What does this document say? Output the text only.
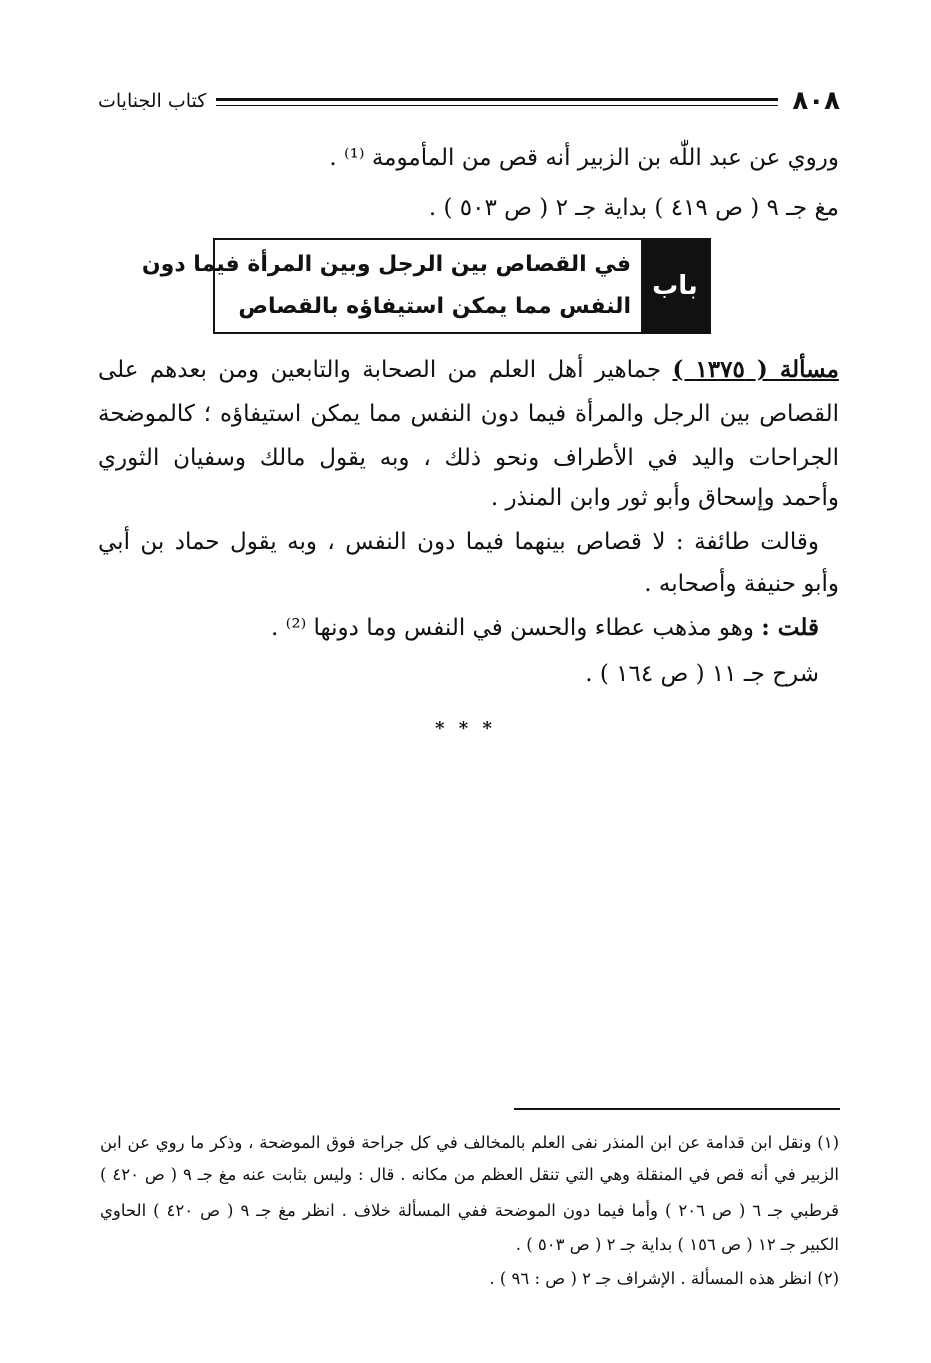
٨٠٨
كتاب الجنايات
وروي عن عبد اللّٰه بن الزبير أنه قص من المأمومة ⁽¹⁾ .
مغ جـ ٩ ( ص ٤١٩ ) بداية جـ ٢ ( ص ٥٠٣ ) .
باب
في القصاص بين الرجل وبين المرأة فيما دون
النفس مما يمكن استيفاؤه بالقصاص
مسألة ( ١٣٧٥ ) جماهير أهل العلم من الصحابة والتابعين ومن بعدهم على
القصاص بين الرجل والمرأة فيما دون النفس مما يمكن استيفاؤه ؛ كالموضحة
الجراحات واليد في الأطراف ونحو ذلك ، وبه يقول مالك وسفيان الثوري
وأحمد وإسحاق وأبو ثور وابن المنذر .
وقالت طائفة : لا قصاص بينهما فيما دون النفس ، وبه يقول حماد بن أبي
وأبو حنيفة وأصحابه .
قلت : وهو مذهب عطاء والحسن في النفس وما دونها ⁽²⁾ .
شرح جـ ١١ ( ص ١٦٤ ) .
* * *
(١) ونقل ابن قدامة عن ابن المنذر نفى العلم بالمخالف في كل جراحة فوق الموضحة ، وذكر ما روي عن ابن
الزبير في أنه قص في المنقلة وهي التي تنقل العظم من مكانه . قال : وليس بثابت عنه مغ جـ ٩ ( ص ٤٢٠ )
قرطبي جـ ٦ ( ص ٢٠٦ ) وأما فيما دون الموضحة ففي المسألة خلاف . انظر مغ جـ ٩ ( ص ٤٢٠ ) الحاوي
الكبير جـ ١٢ ( ص ١٥٦ ) بداية جـ ٢ ( ص ٥٠٣ ) .
(٢) انظر هذه المسألة . الإشراف جـ ٢ ( ص : ٩٦ ) .
